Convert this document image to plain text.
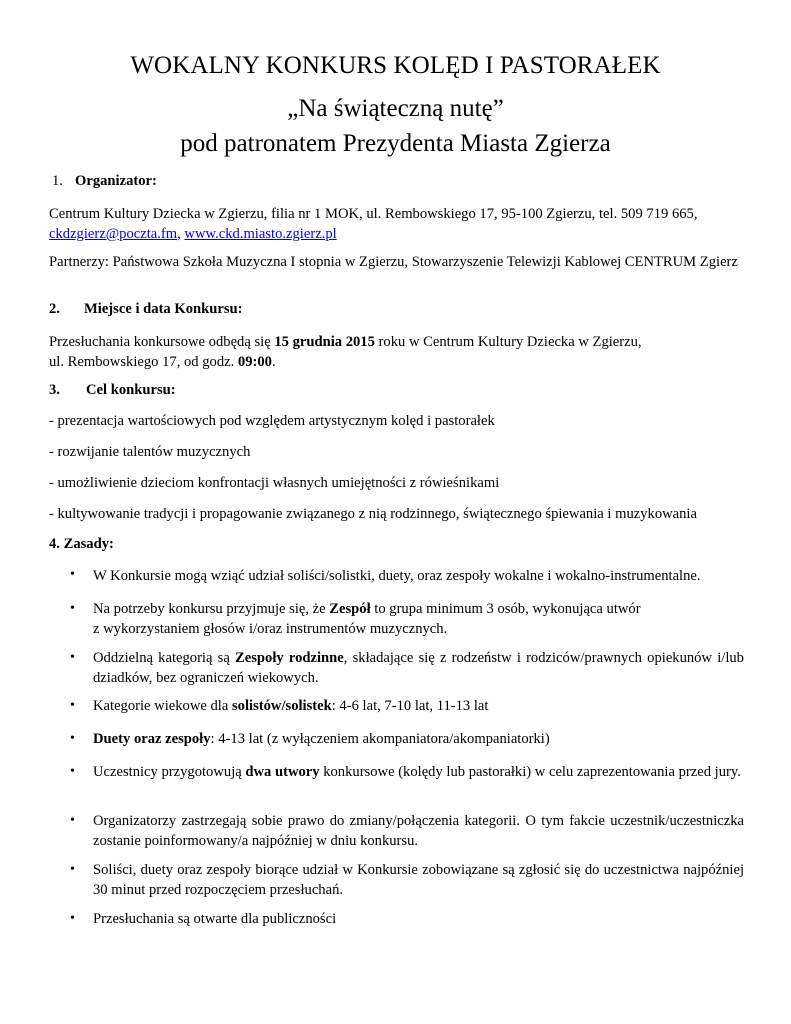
WOKALNY KONKURS KOLĘD I PASTORAŁEK
„Na świąteczną nutę”
pod patronatem Prezydenta Miasta Zgierza
1. Organizator:

Centrum Kultury Dziecka w Zgierzu, filia nr 1 MOK, ul. Rembowskiego 17, 95-100 Zgierzu, tel. 509 719 665, ckdzgierz@poczta.fm, www.ckd.miasto.zgierz.pl

Partnerzy: Państwowa Szkoła Muzyczna I stopnia w Zgierzu, Stowarzyszenie Telewizji Kablowej CENTRUM Zgierz

2. Miejsce i data Konkursu:

Przesłuchania konkursowe odbędą się 15 grudnia 2015 roku w Centrum Kultury Dziecka w Zgierzu,
ul. Rembowskiego 17, od godz. 09:00.

3. Cel konkursu:

- prezentacja wartościowych pod względem artystycznym kolęd i pastorałek

- rozwijanie talentów muzycznych

- umożliwienie dzieciom konfrontacji własnych umiejętności z rówieśnikami

- kultywowanie tradycji i propagowanie związanego z nią rodzinnego, świątecznego śpiewania i muzykowania

4. Zasady:
• W Konkursie mogą wziąć udział soliści/solistki, duety, oraz zespoły wokalne i wokalno-instrumentalne.

• Na potrzeby konkursu przyjmuje się, że Zespół to grupa minimum 3 osób, wykonująca utwór
z wykorzystaniem głosów i/oraz instrumentów muzycznych.

• Oddzielną kategorią są Zespoły rodzinne, składające się z rodzeństw i rodziców/prawnych opiekunów i/lub dziadków, bez ograniczeń wiekowych.

• Kategorie wiekowe dla solistów/solistek: 4-6 lat, 7-10 lat, 11-13 lat

• Duety oraz zespoły: 4-13 lat (z wyłączeniem akompaniatora/akompaniatorki)

• Uczestnicy przygotowują dwa utwory konkursowe (kolędy lub pastorałki) w celu zaprezentowania przed jury.

• Organizatorzy zastrzegają sobie prawo do zmiany/połączenia kategorii. O tym fakcie uczestnik/uczestniczka zostanie poinformowany/a najpóźniej w dniu konkursu.

• Soliści, duety oraz zespoły biorące udział w Konkursie zobowiązane są zgłosić się do uczestnictwa najpóźniej 30 minut przed rozpoczęciem przesłuchań.

• Przesłuchania są otwarte dla publiczności
